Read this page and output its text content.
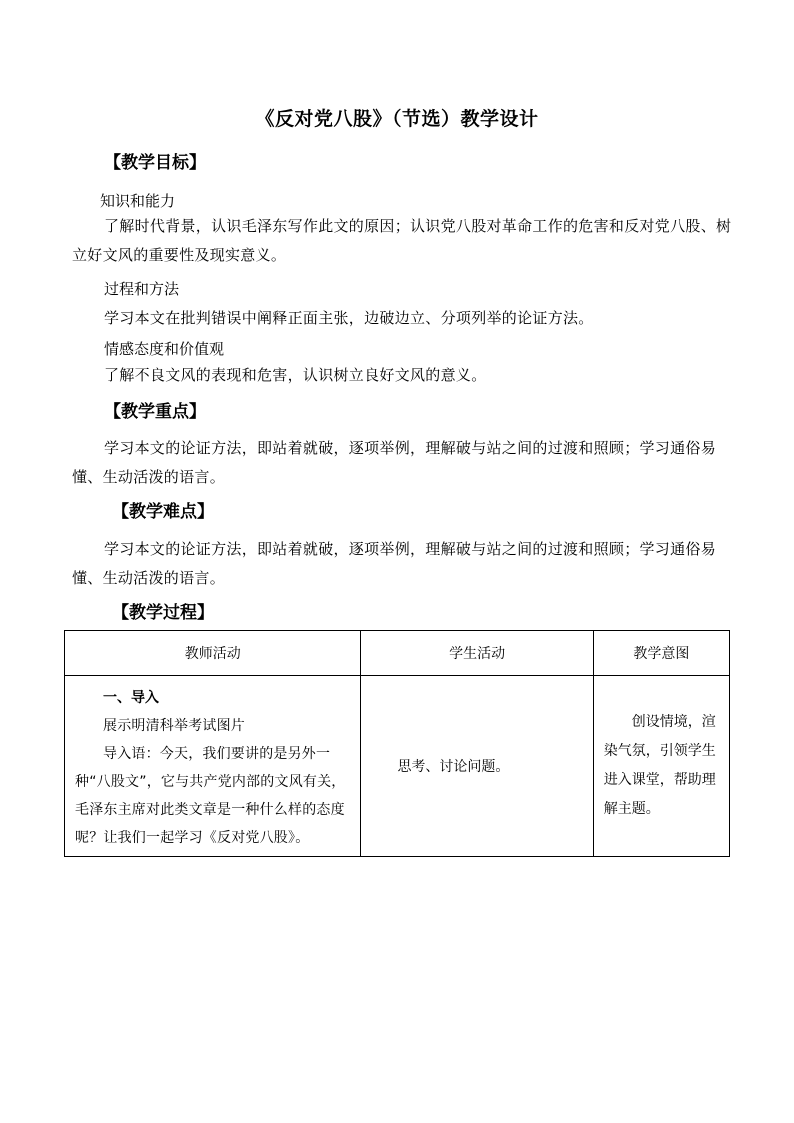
《反对党八股》（节选）教学设计
【教学目标】
知识和能力
了解时代背景，认识毛泽东写作此文的原因；认识党八股对革命工作的危害和反对党八股、树立好文风的重要性及现实意义。
过程和方法
学习本文在批判错误中阐释正面主张，边破边立、分项列举的论证方法。
情感态度和价值观
了解不良文风的表现和危害，认识树立良好文风的意义。
【教学重点】
学习本文的论证方法，即站着就破，逐项举例，理解破与站之间的过渡和照顾；学习通俗易懂、生动活泼的语言。
【教学难点】
学习本文的论证方法，即站着就破，逐项举例，理解破与站之间的过渡和照顾；学习通俗易懂、生动活泼的语言。
【教学过程】
教师活动	学生活动	教学意图

一、导入
展示明清科举考试图片
导入语：今天，我们要讲的是另外一种“八股文”，它与共产党内部的文风有关，毛泽东主席对此类文章是一种什么样的态度呢？让我们一起学习《反对党八股》。	思考、讨论问题。	创设情境，渲染气氛，引领学生进入课堂，帮助理解主题。
